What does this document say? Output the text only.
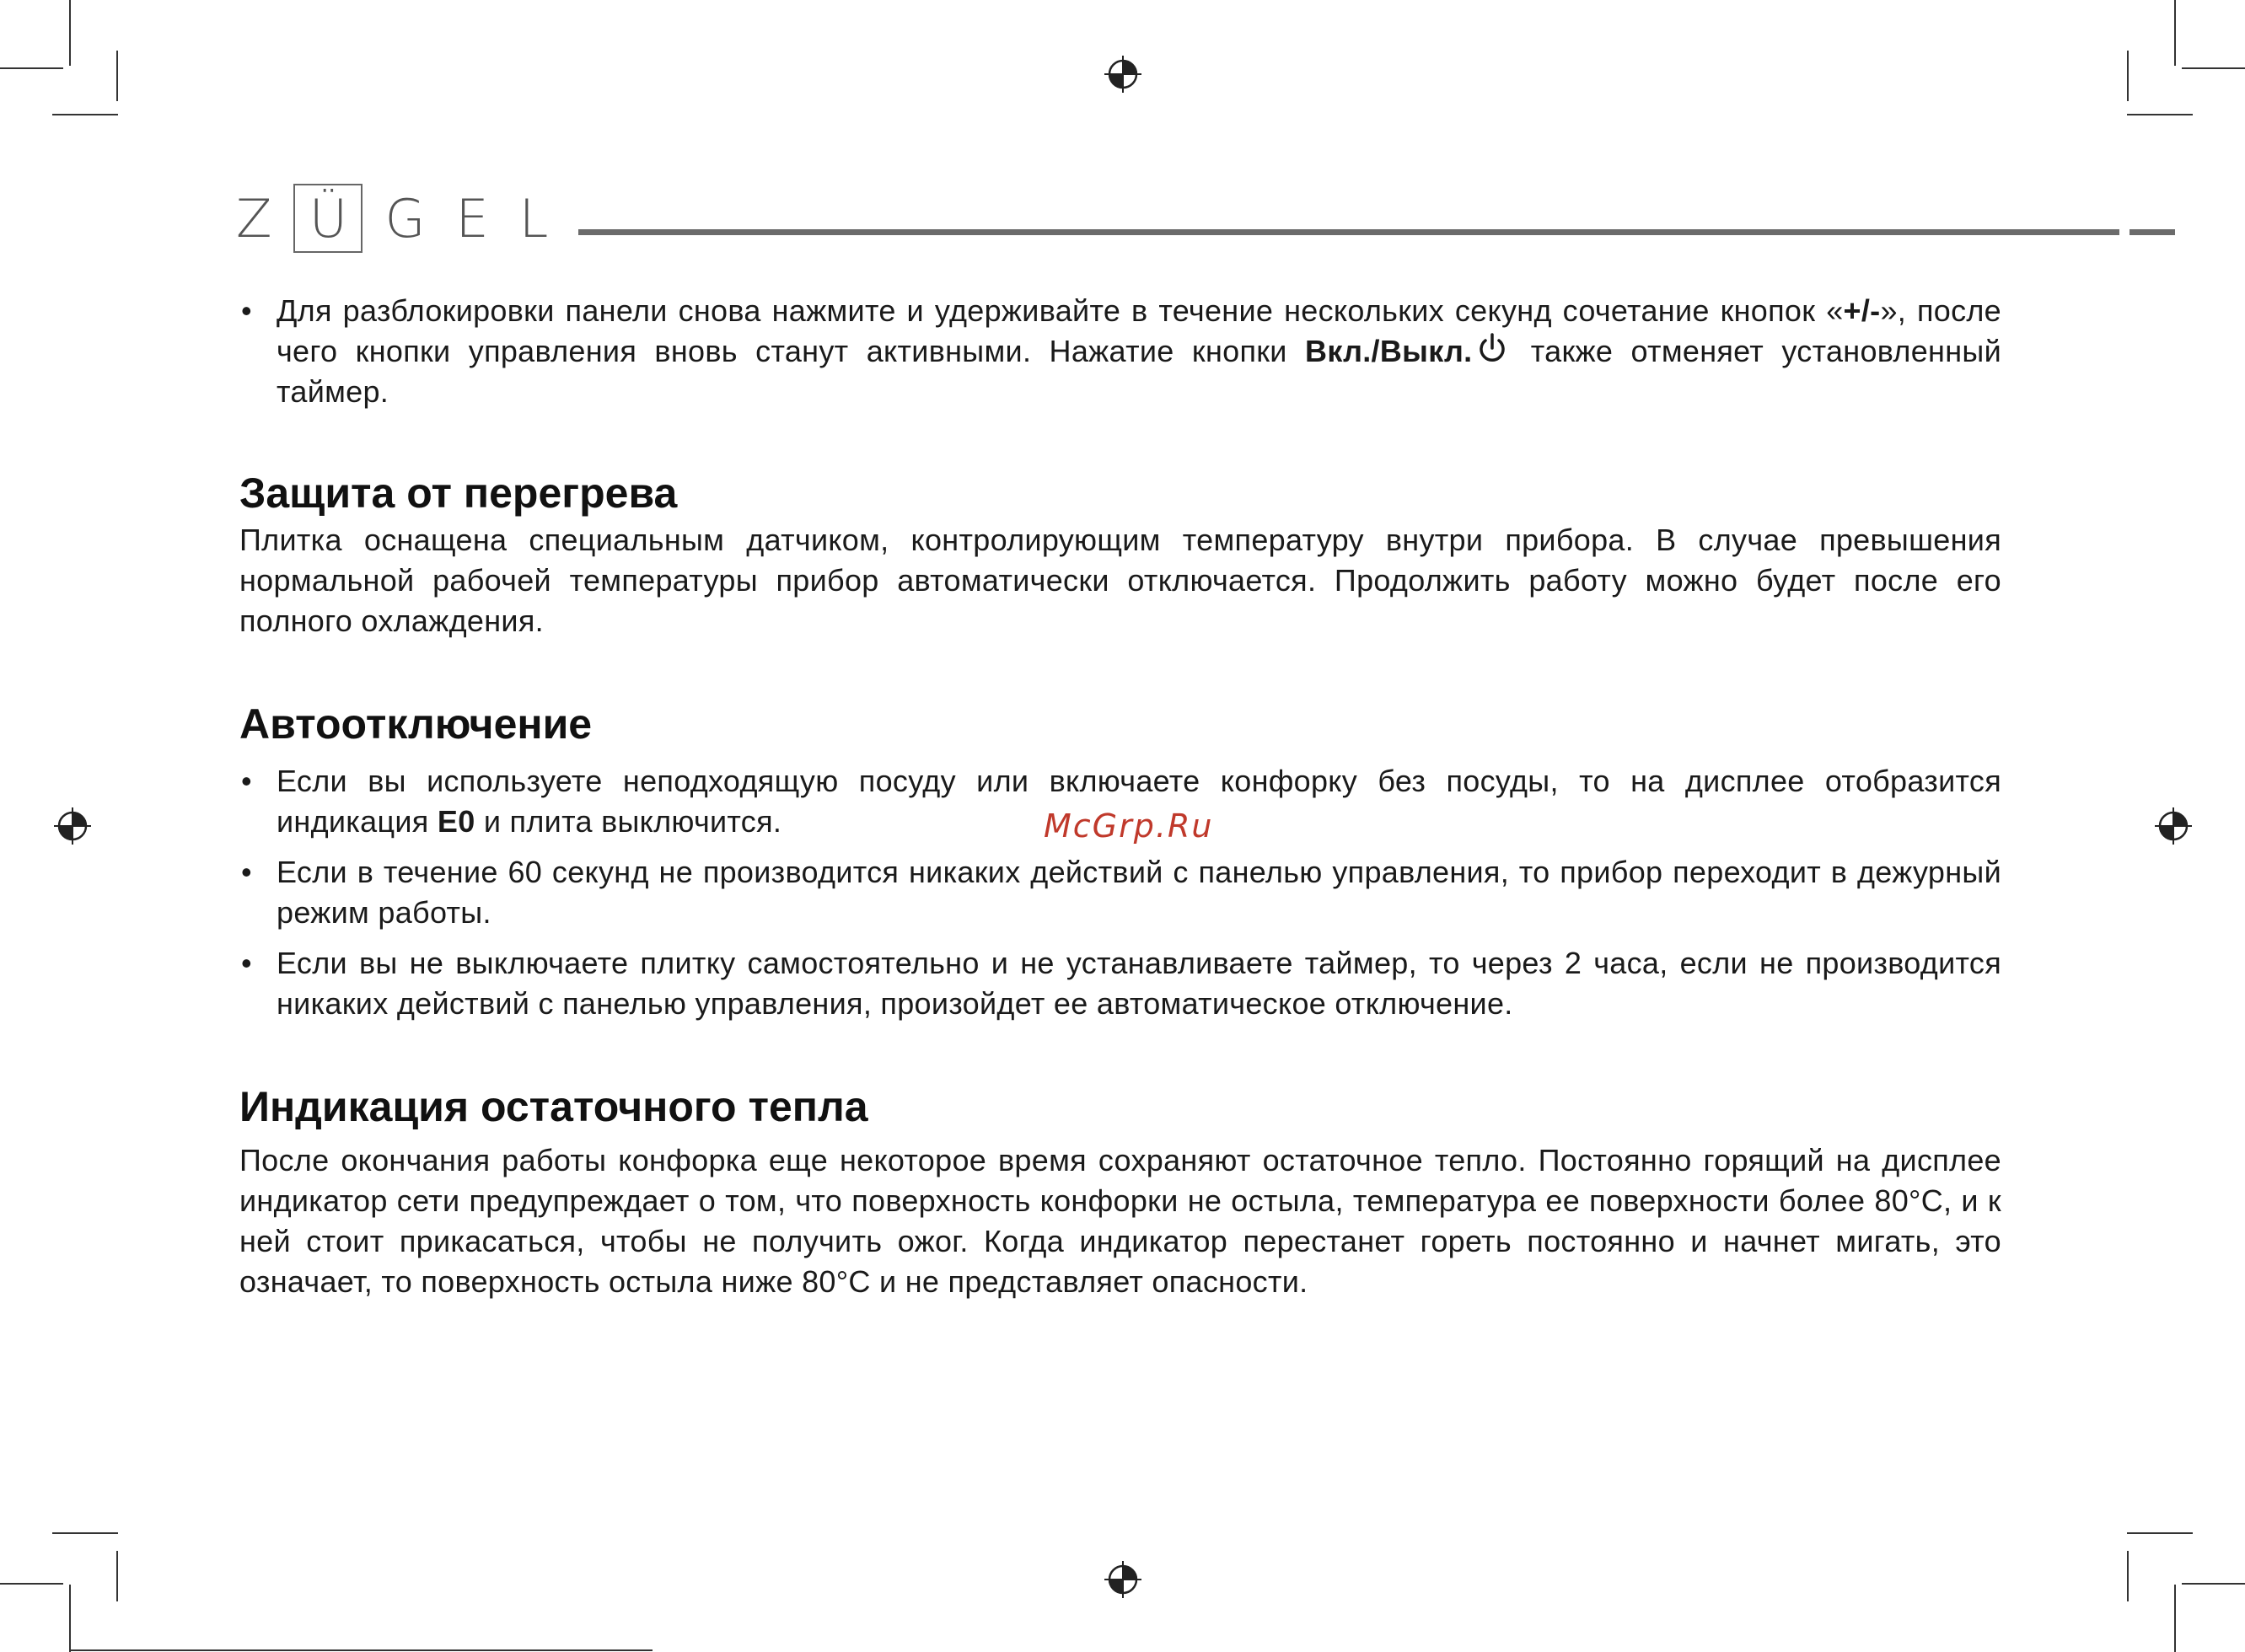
Z Ü G E L

• Для разблокировки панели снова нажмите и удерживайте в течение нескольких секунд сочетание кнопок «+/-», после чего кнопки управления вновь станут активными. Нажатие кнопки Вкл./Выкл. также отменяет установленный таймер.

Защита от перегрева

Плитка оснащена специальным датчиком, контролирующим температуру внутри прибора. В случае превышения нормальной рабочей температуры прибор автоматически отключается. Продолжить работу можно будет после его полного охлаждения.

Автоотключение

• Если вы используете неподходящую посуду или включаете конфорку без посуды, то на дисплее отобразится индикация E0 и плита выключится.

• Если в течение 60 секунд не производится никаких действий с панелью управления, то прибор переходит в дежурный режим работы.

• Если вы не выключаете плитку самостоятельно и не устанавливаете таймер, то через 2 часа, если не производится никаких действий с панелью управления, произойдет ее автоматическое отключение.

Индикация остаточного тепла

После окончания работы конфорка еще некоторое время сохраняют остаточное тепло. Постоянно горящий на дисплее индикатор сети предупреждает о том, что поверхность конфорки не остыла, температура ее поверхности более 80°С, и к ней стоит прикасаться, чтобы не получить ожог. Когда индикатор перестанет гореть постоянно и начнет мигать, это означает, то поверхность остыла ниже 80°С и не представляет опасности.

McGrp.Ru
